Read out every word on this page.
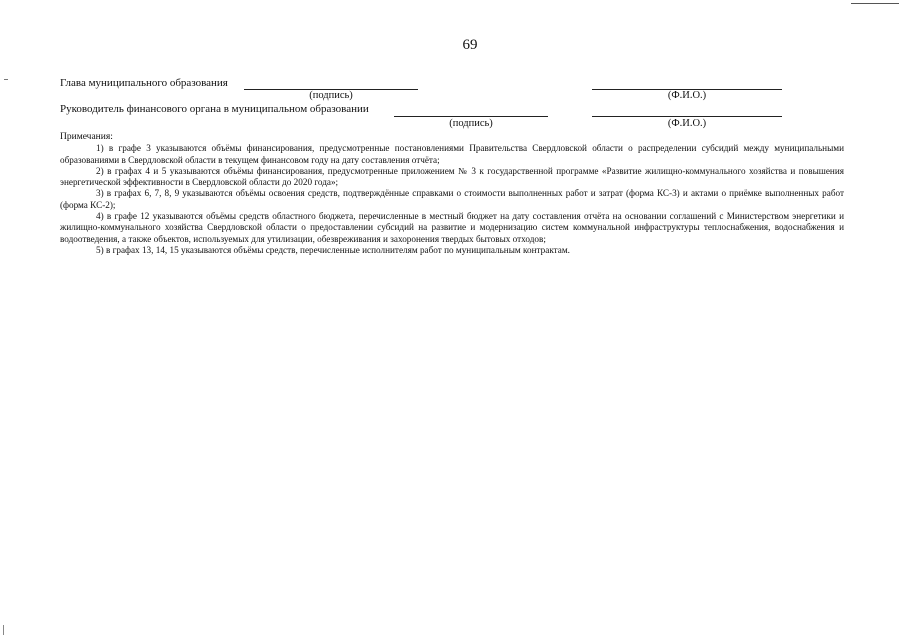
69
Глава муниципального образования
(подпись)	(Ф.И.О.)
Руководитель финансового органа в муниципальном образовании
(подпись)	(Ф.И.О.)

Примечания:

1) в графе 3 указываются объёмы финансирования, предусмотренные постановлениями Правительства Свердловской области о распределении субсидий между муниципальными образованиями в Свердловской области в текущем финансовом году на дату составления отчёта;

2) в графах 4 и 5 указываются объёмы финансирования, предусмотренные приложением № 3 к государственной программе «Развитие жилищно-коммунального хозяйства и повышения энергетической эффективности в Свердловской области до 2020 года»;

3) в графах 6, 7, 8, 9 указываются объёмы освоения средств, подтверждённые справками о стоимости выполненных работ и затрат (форма КС-3) и актами о приёмке выполненных работ (форма КС-2);

4) в графе 12 указываются объёмы средств областного бюджета, перечисленные в местный бюджет на дату составления отчёта на основании соглашений с Министерством энергетики и жилищно-коммунального хозяйства Свердловской области о предоставлении субсидий на развитие и модернизацию систем коммунальной инфраструктуры теплоснабжения, водоснабжения и водоотведения, а также объектов, используемых для утилизации, обезвреживания и захоронения твердых бытовых отходов;

5) в графах 13, 14, 15 указываются объёмы средств, перечисленные исполнителям работ по муниципальным контрактам.
